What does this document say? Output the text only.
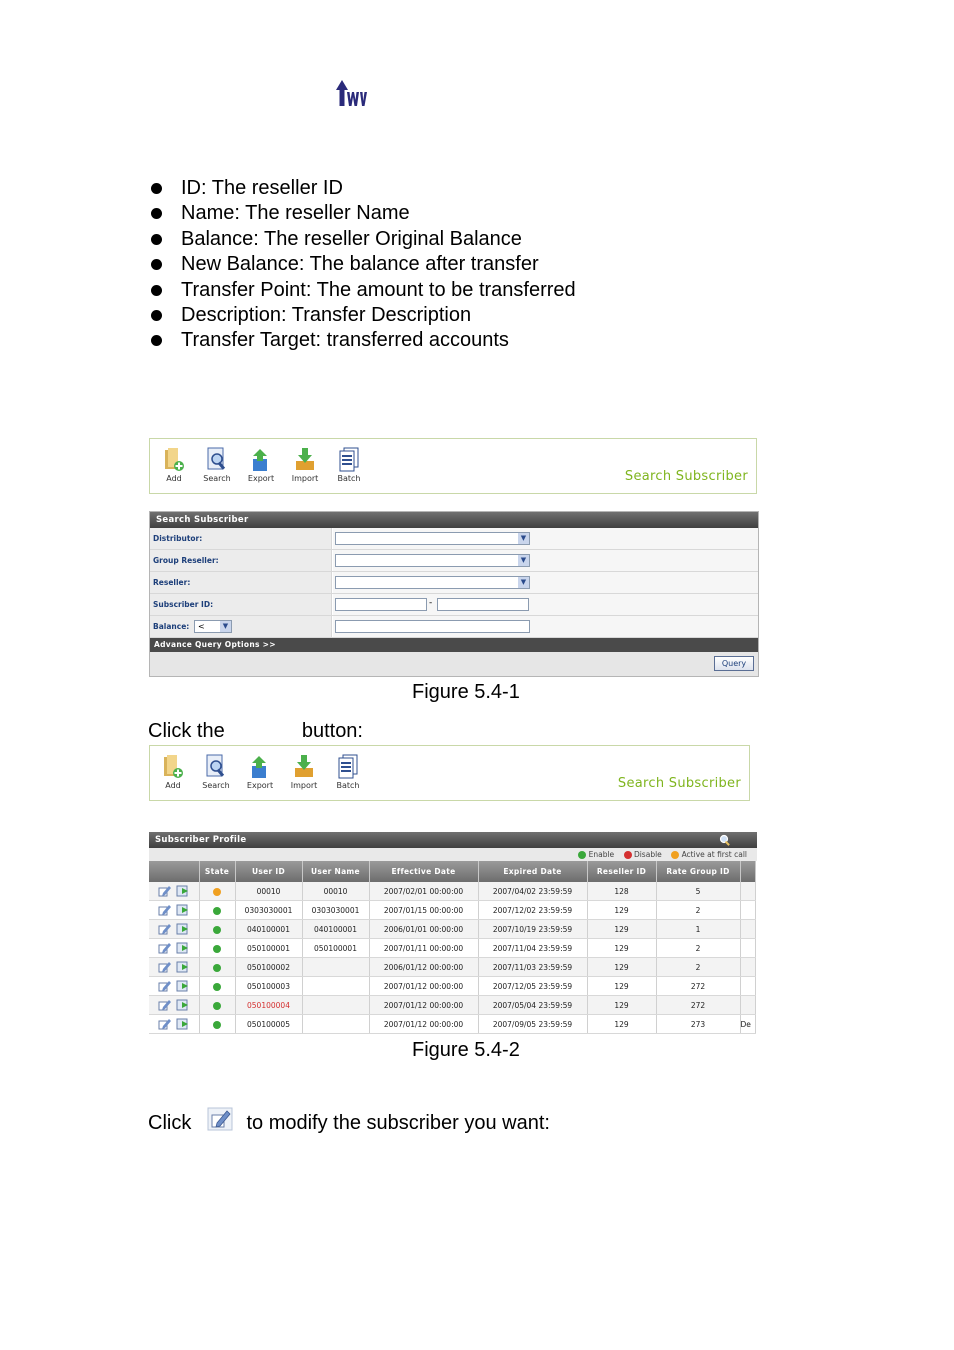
ID: The reseller ID
Name: The reseller Name
Balance: The reseller Original Balance
New Balance: The balance after transfer
Transfer Point: The amount to be transferred
Description: Transfer Description
Transfer Target: transferred accounts
Add	Search	Export	Import	Batch	Search Subscriber
Search Subscriber
Distributor:	▼
Group Reseller:	▼
Reseller:	▼
Subscriber ID:	-
Balance:	<	▼
Advance Query Options >>
Query
Figure 5.4-1
Click the	button:
Add	Search	Export	Import	Batch	Search Subscriber
Subscriber Profile
Enable	Disable	Active at first call
	State	User ID	User Name	Effective Date	Expired Date	Reseller ID	Rate Group ID	
		00010	00010	2007/02/01 00:00:00	2007/04/02 23:59:59	128	5	
		0303030001	0303030001	2007/01/15 00:00:00	2007/12/02 23:59:59	129	2	
		040100001	040100001	2006/01/01 00:00:00	2007/10/19 23:59:59	129	1	
		050100001	050100001	2007/01/11 00:00:00	2007/11/04 23:59:59	129	2	
		050100002		2006/01/12 00:00:00	2007/11/03 23:59:59	129	2	
		050100003		2007/01/12 00:00:00	2007/12/05 23:59:59	129	272	
		050100004		2007/01/12 00:00:00	2007/05/04 23:59:59	129	272	
		050100005		2007/01/12 00:00:00	2007/09/05 23:59:59	129	273	De
Figure 5.4-2
Click	to modify the subscriber you want:
